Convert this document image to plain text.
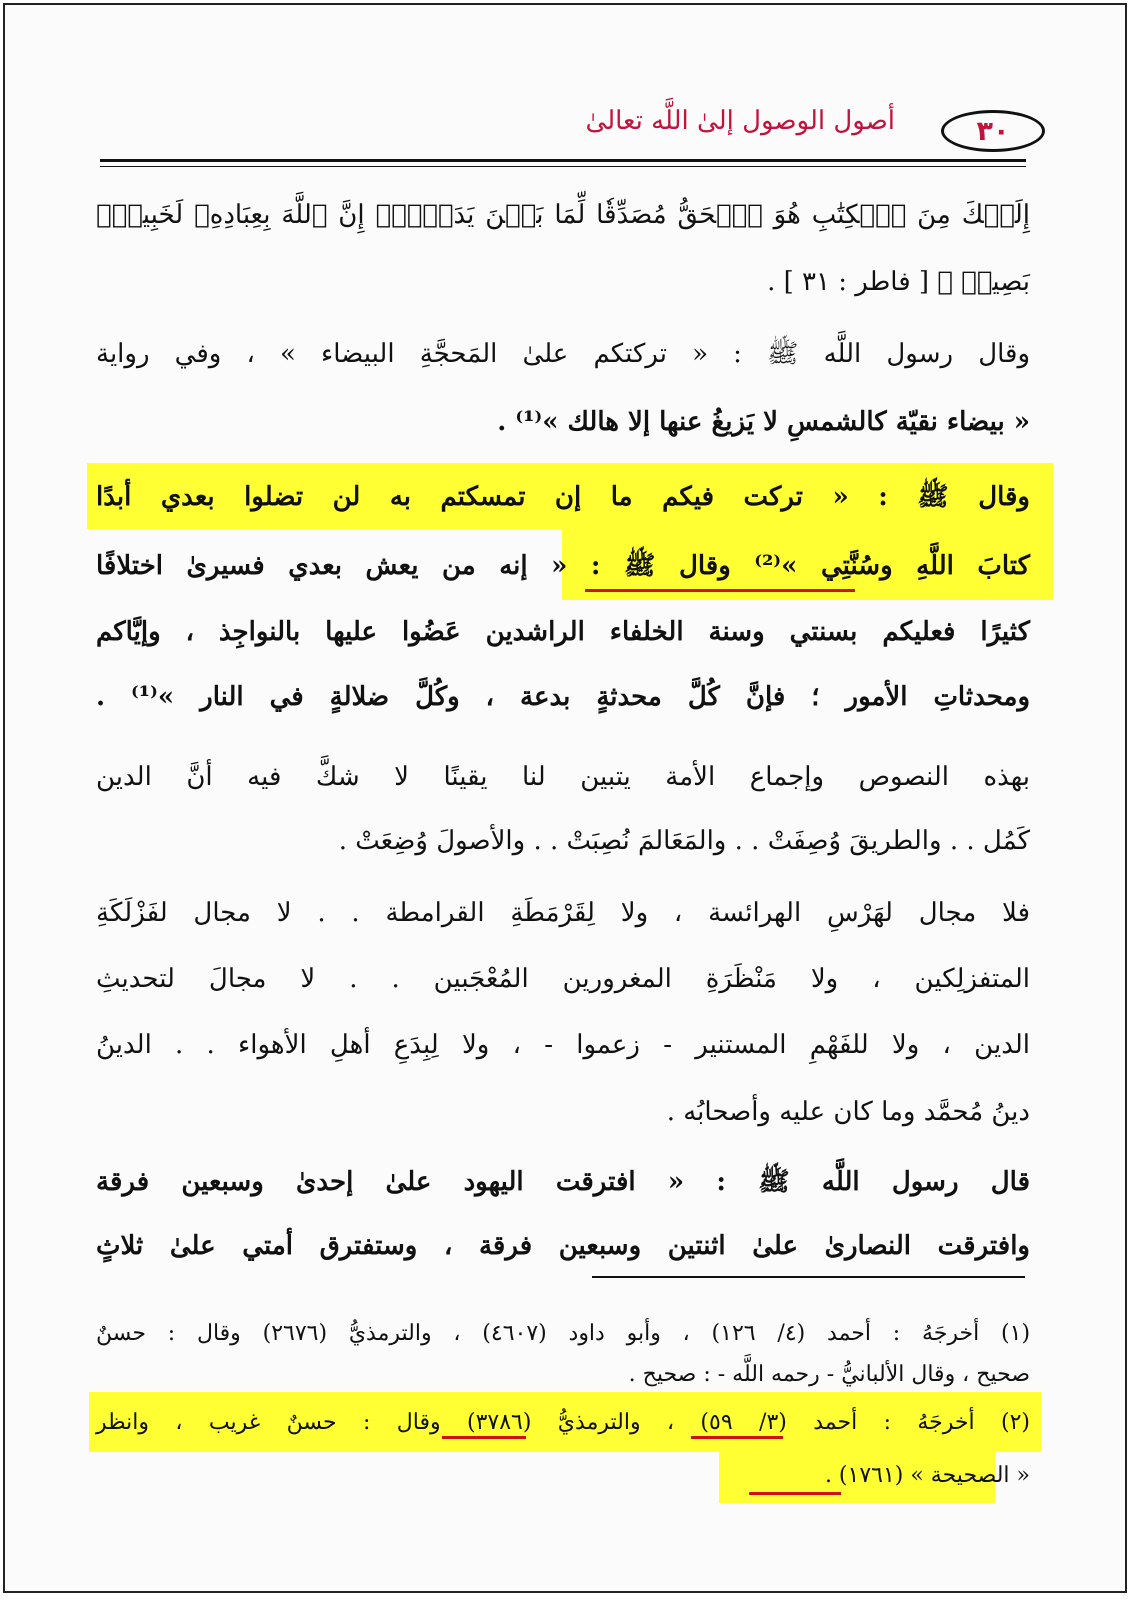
٣٠
أصول الوصول إلىٰ اللَّه تعالىٰ
إِلَيۡكَ مِنَ ٱلۡكِتَٰبِ هُوَ ٱلۡحَقُّ مُصَدِّقٗا لِّمَا بَيۡنَ يَدَيۡهِۗ إِنَّ ٱللَّهَ بِعِبَادِهِۦ لَخَبِيرُۢ
بَصِيرٞ ﴾ [ فاطر : ٣١ ] .
وقال رسول اللَّه ﷺ : « تركتكم علىٰ المَحجَّةِ البيضاء » ، وفي رواية
« بيضاء نقيّة كالشمسِ لا يَزيغُ عنها إلا هالك »⁽¹⁾ .
وقال ﷺ : « تركت فيكم ما إن تمسكتم به لن تضلوا بعدي أبدًا
كتابَ اللَّهِ وسُنَّتِي »⁽²⁾ وقال ﷺ : « إنه من يعش بعدي فسيرىٰ اختلافًا
كثيرًا فعليكم بسنتي وسنة الخلفاء الراشدين عَضُوا عليها بالنواجِذ ، وإيَّاكم
ومحدثاتِ الأمور ؛ فإنَّ كُلَّ محدثةٍ بدعة ، وكُلَّ ضلالةٍ في النار »⁽¹⁾ .
بهذه النصوص وإجماع الأمة يتبين لنا يقينًا لا شكَّ فيه أنَّ الدين
كَمُل . . والطريقَ وُصِفَتْ . . والمَعَالمَ نُصِبَتْ . . والأصولَ وُضِعَتْ .
فلا مجال لهَرْسِ الهرائسة ، ولا لِقَرْمَطَةِ القرامطة . . لا مجال لفَزْلَكَةِ
المتفزلِكين ، ولا مَنْظَرَةِ المغرورين المُعْجَبين . . لا مجالَ لتحديثِ
الدين ، ولا للفَهْمِ المستنير - زعموا - ، ولا لِبِدَعِ أهلِ الأهواء . . الدينُ
دينُ مُحمَّد وما كان عليه وأصحابُه .
قال رسول اللَّه ﷺ : « افترقت اليهود علىٰ إحدىٰ وسبعين فرقة
وافترقت النصارىٰ علىٰ اثنتين وسبعين فرقة ، وستفترق أمتي علىٰ ثلاثٍ
(١) أخرجَهُ : أحمد (٤/ ١٢٦) ، وأبو داود (٤٦٠٧) ، والترمذيُّ (٢٦٧٦) وقال : حسنٌ
صحيح ، وقال الألبانيُّ - رحمه اللَّه - : صحيح .
(٢) أخرجَهُ : أحمد (٣/ ٥٩) ، والترمذيُّ (٣٧٨٦) وقال : حسنٌ غريب ، وانظر
« الصحيحة » (١٧٦١) .
